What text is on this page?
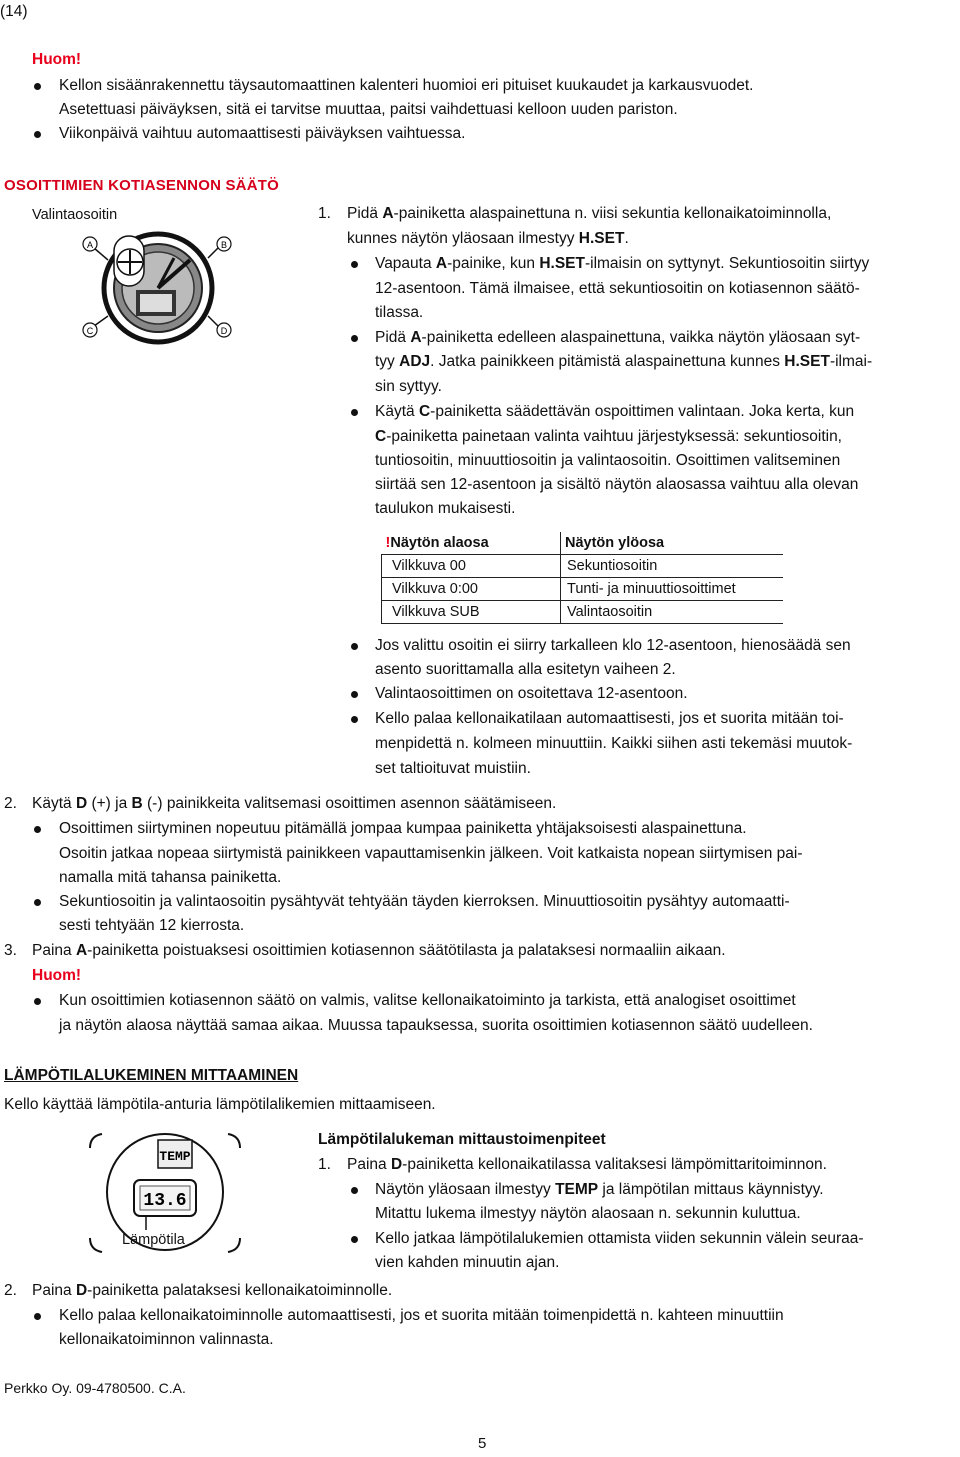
(14)
Huom!
Kellon sisäänrakennettu täysautomaattinen kalenteri huomioi eri pituiset kuukaudet ja karkausvuodet.
Asetettuasi päiväyksen, sitä ei tarvitse muuttaa, paitsi vaihdettuasi kelloon uuden pariston.
Viikonpäivä vaihtuu automaattisesti päiväyksen vaihtuessa.
OSOITTIMIEN KOTIASENNON SÄÄTÖ
Valintaosoitin
A	B
C	D
1. Pidä A-painiketta alaspainettuna n. viisi sekuntia kellonaikatoiminnolla,
kunnes näytön yläosaan ilmestyy H.SET.
Vapauta A-painike, kun H.SET-ilmaisin on syttynyt. Sekuntiosoitin siirtyy
12-asentoon. Tämä ilmaisee, että sekuntiosoitin on kotiasennon säätö-
tilassa.
Pidä A-painiketta edelleen alaspainettuna, vaikka näytön yläosaan syt-
tyy ADJ. Jatka painikkeen pitämistä alaspainettuna kunnes H.SET-ilmai-
sin syttyy.
Käytä C-painiketta säädettävän ospoittimen valintaan. Joka kerta, kun
C-painiketta painetaan valinta vaihtuu järjestyksessä: sekuntiosoitin,
tuntiosoitin, minuuttiosoitin ja valintaosoitin. Osoittimen valitseminen
siirtää sen 12-asentoon ja sisältö näytön alaosassa vaihtuu alla olevan
taulukon mukaisesti.
!Näytön alaosa	Näytön ylöosa
Vilkkuva 00	Sekuntiosoitin
Vilkkuva 0:00	Tunti- ja minuuttiosoittimet
Vilkkuva SUB	Valintaosoitin
Jos valittu osoitin ei siirry tarkalleen klo 12-asentoon, hienosäädä sen
asento suorittamalla alla esitetyn vaiheen 2.
Valintaosoittimen on osoitettava 12-asentoon.
Kello palaa kellonaikatilaan automaattisesti, jos et suorita mitään toi-
menpidettä n. kolmeen minuuttiin. Kaikki siihen asti tekemäsi muutok-
set taltioituvat muistiin.
2. Käytä D (+) ja B (-) painikkeita valitsemasi osoittimen asennon säätämiseen.
Osoittimen siirtyminen nopeutuu pitämällä jompaa kumpaa painiketta yhtäjaksoisesti alaspainettuna.
Osoitin jatkaa nopeaa siirtymistä painikkeen vapauttamisenkin jälkeen. Voit katkaista nopean siirtymisen pai-
namalla mitä tahansa painiketta.
Sekuntiosoitin ja valintaosoitin pysähtyvät tehtyään täyden kierroksen. Minuuttiosoitin pysähtyy automaatti-
sesti tehtyään 12 kierrosta.
3. Paina A-painiketta poistuaksesi osoittimien kotiasennon säätötilasta ja palataksesi normaaliin aikaan.
Huom!
Kun osoittimien kotiasennon säätö on valmis, valitse kellonaikatoiminto ja tarkista, että analogiset osoittimet
ja näytön alaosa näyttää samaa aikaa. Muussa tapauksessa, suorita osoittimien kotiasennon säätö uudelleen.
LÄMPÖTILALUKEMINEN MITTAAMINEN
Kello käyttää lämpötila-anturia lämpötilalikemien mittaamiseen.
TEMP
13.6
Lämpötila
Lämpötilalukeman mittaustoimenpiteet
1. Paina D-painiketta kellonaikatilassa valitaksesi lämpömittaritoiminnon.
Näytön yläosaan ilmestyy TEMP ja lämpötilan mittaus käynnistyy.
Mitattu lukema ilmestyy näytön alaosaan n. sekunnin kuluttua.
Kello jatkaa lämpötilalukemien ottamista viiden sekunnin välein seuraa-
vien kahden minuutin ajan.
2. Paina D-painiketta palataksesi kellonaikatoiminnolle.
Kello palaa kellonaikatoiminnolle automaattisesti, jos et suorita mitään toimenpidettä n. kahteen minuuttiin
kellonaikatoiminnon valinnasta.
Perkko Oy. 09-4780500. C.A.
5
